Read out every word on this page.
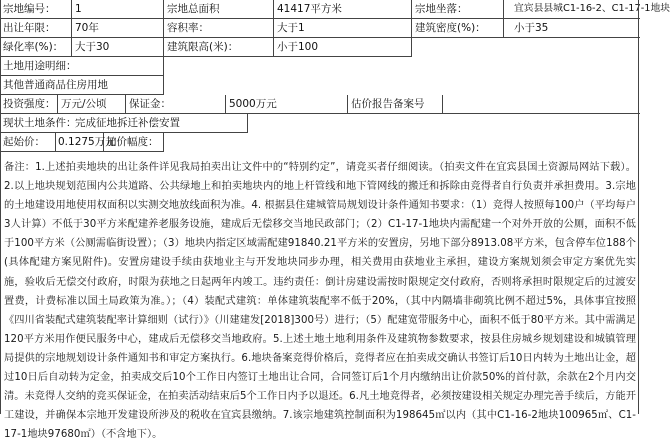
宗地编号：	1	宗地总面积	41417平方米	宗地坐落：	宜宾县县城C1-16-2、C1-17-1地块
出让年限：	70年	容积率：	大于1	建筑密度(%)：	小于35
绿化率(%)：	大于30	建筑限高(米)：	小于100
土地用途明细：
其他普通商品住房用地
投资强度： 万元/公顷	保证金：	5000万元	估价报告备案号
现状土地条件：
完成征地拆迁补偿安置
起始价：	0.1275万元
加价幅度：

备注：1.上述拍卖地块的出让条件详见我局拍卖出让文件中的“特别约定”，请竞买者仔细阅读。（拍卖文件在宜宾县国土资源局网站下载）。2.以上地块规划范围内公共道路、公共绿地上和拍卖地块内的地上杆管线和地下管网线的搬迁和拆除由竞得者自行负责并承担费用。3.宗地的土地建设用地使用权面积以实测交地放线面积为准。4. 根据县住建城管局规划设计条件通知书要求：（1）竞得人按照每100户（平均每户3人计算）不低于30平方米配建养老服务设施，建成后无偿移交当地民政部门；（2）C1-17-1地块内需配建一个对外开放的公厕，面积不低于100平方米（公厕需临街设置）；（3）地块内指定区域需配建91840.21平方米的安置房，另地下部分8913.08平方米，包含停车位188个(具体配建方案见附件)。安置房建设手续由获地业主与开发地块同步办理，相关费用由获地业主承担，建设方案规划须会审定方案优先实施，验收后无偿交付政府，时限为获地之日起两年内竣工。违约责任：倒计房建设需按时限规定交付政府，否则将承担时限规定后的过渡安置费，计费标准以国土局政策为准。）；（4）装配式建筑：单体建筑装配率不低于20%，（其中内隔墙非砌筑比例不超过5%，具体事宜按照《四川省装配式建筑装配率计算细则（试行）》（川建建发[2018]300号）进行；（5）配建宽带服务中心，面积不低于80平方米。其中需满足120平方米用作便民服务中心，建成后无偿移交当地政府。5.上述土地土地利用条件及建筑物参数要求，按县住房城乡规划建设和城镇管理局提供的宗地规划设计条件通知书和审定方案执行。6.地块备案竞得价格后，竞得者应在拍卖成交确认书签订后10日内转为土地出让金，超过10日后自动转为定金，拍卖成交后10个工作日内签订土地出让合同，合同签订后1个月内缴纳出让价款50%的首付款，余款在2个月内交清。未竞得人交纳的竞买保证金，在拍卖活动结束后5个工作日内予以退还。6.凡土地竞得者，必须按建设相关规定办理完善手续后，方能开工建设，并确保本宗地开发建设所涉及的税收在宜宾县缴纳。7.该宗地建筑控制面积为198645㎡以内（其中C1-16-2地块100965㎡、C1-17-1地块97680㎡）（不含地下）。
